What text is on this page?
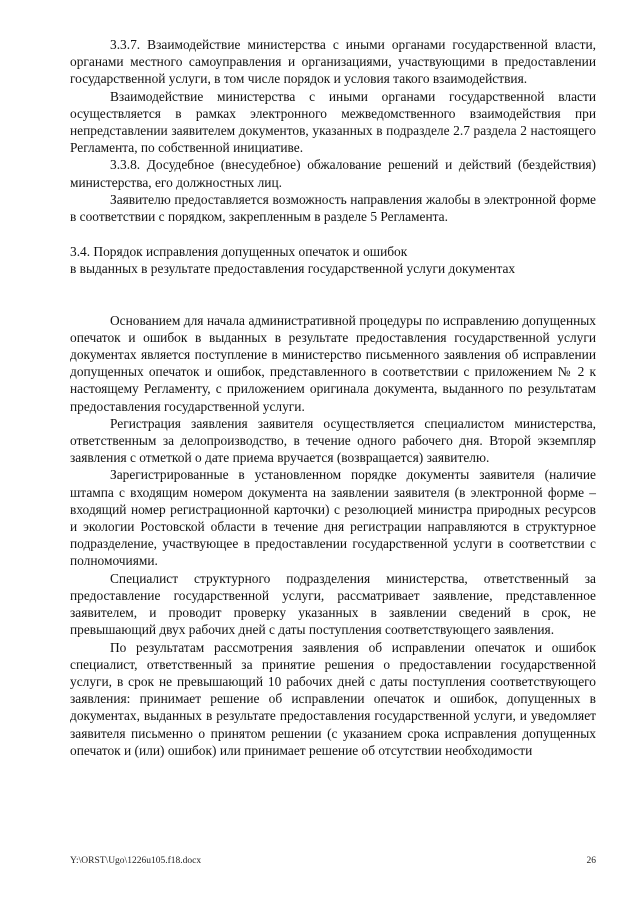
3.3.7. Взаимодействие министерства с иными органами государственной власти, органами местного самоуправления и организациями, участвующими в предоставлении государственной услуги, в том числе порядок и условия такого взаимодействия.

Взаимодействие министерства с иными органами государственной власти осуществляется в рамках электронного межведомственного взаимодействия при непредставлении заявителем документов, указанных в подразделе 2.7 раздела 2 настоящего Регламента, по собственной инициативе.

3.3.8. Досудебное (внесудебное) обжалование решений и действий (бездействия) министерства, его должностных лиц.

Заявителю предоставляется возможность направления жалобы в электронной форме в соответствии с порядком, закрепленным в разделе 5 Регламента.

3.4. Порядок исправления допущенных опечаток и ошибок
в выданных в результате предоставления государственной услуги документах

Основанием для начала административной процедуры по исправлению допущенных опечаток и ошибок в выданных в результате предоставления государственной услуги документах является поступление в министерство письменного заявления об исправлении допущенных опечаток и ошибок, представленного в соответствии с приложением № 2 к настоящему Регламенту, с приложением оригинала документа, выданного по результатам предоставления государственной услуги.

Регистрация заявления заявителя осуществляется специалистом министерства, ответственным за делопроизводство, в течение одного рабочего дня. Второй экземпляр заявления с отметкой о дате приема вручается (возвращается) заявителю.

Зарегистрированные в установленном порядке документы заявителя (наличие штампа с входящим номером документа на заявлении заявителя (в электронной форме – входящий номер регистрационной карточки) с резолюцией министра природных ресурсов и экологии Ростовской области в течение дня регистрации направляются в структурное подразделение, участвующее в предоставлении государственной услуги в соответствии с полномочиями.

Специалист структурного подразделения министерства, ответственный за предоставление государственной услуги, рассматривает заявление, представленное заявителем, и проводит проверку указанных в заявлении сведений в срок, не превышающий двух рабочих дней с даты поступления соответствующего заявления.

По результатам рассмотрения заявления об исправлении опечаток и ошибок специалист, ответственный за принятие решения о предоставлении государственной услуги, в срок не превышающий 10 рабочих дней с даты поступления соответствующего заявления: принимает решение об исправлении опечаток и ошибок, допущенных в документах, выданных в результате предоставления государственной услуги, и уведомляет заявителя письменно о принятом решении (с указанием срока исправления допущенных опечаток и (или) ошибок) или принимает решение об отсутствии необходимости

Y:\ORST\Ugo\1226u105.f18.docx	26
